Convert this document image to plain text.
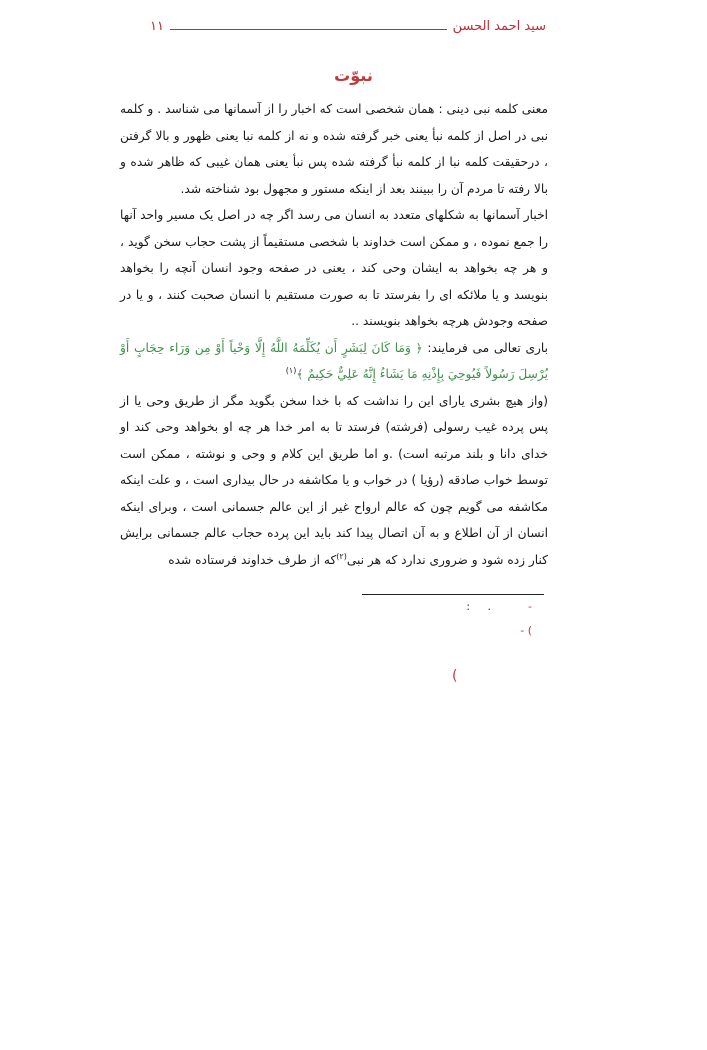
سید احمد الحسن
۱۱
نبوّت

معنی کلمه نبی دینی : همان شخصی است که اخبار را از آسمانها می شناسد . و کلمه نبی در اصل از کلمه نبأ یعنی خبر گرفته شده و نه از کلمه نبا یعنی ظهور و بالا گرفتن ، درحقیقت کلمه نبا از کلمه نبأ گرفته شده پس نبأ یعنی همان غیبی که ظاهر شده و بالا رفته تا مردم آن را ببینند بعد از اینکه مستور و مجهول بود شناخته شد.

اخبار آسمانها به شکلهای متعدد به انسان می رسد اگر چه در اصل یک مسیر واحد آنها را جمع نموده ، و ممکن است خداوند با شخصی مستقیماً از پشت حجاب سخن گوید ، و هر چه بخواهد به ایشان وحی کند ، یعنی در صفحه وجود انسان آنچه را بخواهد بنویسد و یا ملائکه ای را بفرستد تا به صورت مستقیم با انسان صحبت کنند ، و یا در صفحه وجودش هرچه بخواهد بنویسند ..

باری تعالی می فرمایند: ﴿ وَمَا كَانَ لِبَشَرٍ أَن يُكَلِّمَهُ اللَّهُ إِلَّا وَحْياً أَوْ مِن وَرَاء حِجَابٍ أَوْ يُرْسِلَ رَسُولاً فَيُوحِيَ بِإِذْنِهِ مَا يَشَاءُ إِنَّهُ عَلِيٌّ حَكِيمٌ ﴾$^{(۱)}$

(واز هیچ بشری یارای این را نداشت که با خدا سخن بگوید مگر از طریق وحی یا از پس پرده غیب رسولی (فرشته) فرستد تا به امر خدا هر چه او بخواهد وحی کند او خدای دانا و بلند مرتبه است) .و اما طریق این کلام و وحی و نوشته ، ممکن است توسط خواب صادقه (رؤیا ) در خواب و یا مکاشفه در حال بیداری است ، و علت اینکه مکاشفه می گویم چون که عالم ارواح غیر از این عالم جسمانی است ، وبرای اینکه انسان از آن اطلاع و به آن اتصال پیدا کند باید این پرده حجاب عالم جسمانی برایش کنار زده شود و ضروری ندارد که هر نبی$^{(۲)}$که از طرف خداوند فرستاده شده

-
.     :
) -
(
